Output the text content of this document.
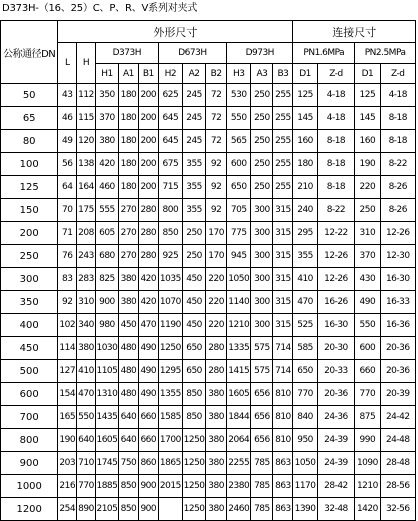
D373H-（16、25）C、P、R、V系列对夹式
公称通径DN	外形尺寸											连接尺寸			
	L	H	D373H			D673H			D973H			PN1.6MPa		PN2.5MPa	
			H1	A1	B1	H2	A2	B2	H3	A3	B3	D1	Z-d	D1	Z-d
50	43	112	350	180	200	625	245	72	530	250	255	125	4-18	125	4-18
65	46	115	370	180	200	645	245	72	550	250	255	145	4-18	145	8-18
80	49	120	380	180	200	645	245	72	565	250	255	160	8-18	160	8-18
100	56	138	420	180	200	675	355	92	600	250	255	180	8-18	190	8-22
125	64	164	460	180	200	715	355	92	650	250	255	210	8-18	220	8-26
150	70	175	555	270	280	800	355	92	705	300	315	240	8-22	250	8-26
200	71	208	605	270	280	850	250	170	775	300	315	295	12-22	310	12-26
250	76	243	680	270	280	925	250	170	945	300	315	355	12-26	370	12-30
300	83	283	825	380	420	1035	450	220	1050	300	315	410	12-26	430	16-30
350	92	310	900	380	420	1070	450	220	1140	300	315	470	16-26	490	16-33
400	102	340	980	450	470	1190	450	220	1210	300	315	525	16-30	550	16-36
450	114	380	1030	480	490	1250	650	280	1335	575	714	585	20-30	600	20-36
500	127	410	1105	480	490	1295	650	280	1415	575	714	650	20-33	660	20-36
600	154	470	1310	480	490	1355	850	380	1605	656	810	770	20-36	770	20-39
700	165	550	1435	640	660	1585	850	380	1844	656	810	840	24-36	875	24-42
800	190	640	1605	640	660	1700	1250	380	2064	656	810	950	24-39	990	24-48
900	203	710	1745	750	860	1865	1250	380	2255	785	863	1050	24-39	1090	28-48
1000	216	770	1885	850	900	2015	1250	380	2380	785	863	1170	28-42	1210	28-56
1200	254	890	2105	850	900		1250	380	2460	785	863	1390	32-48	1420	32-56
